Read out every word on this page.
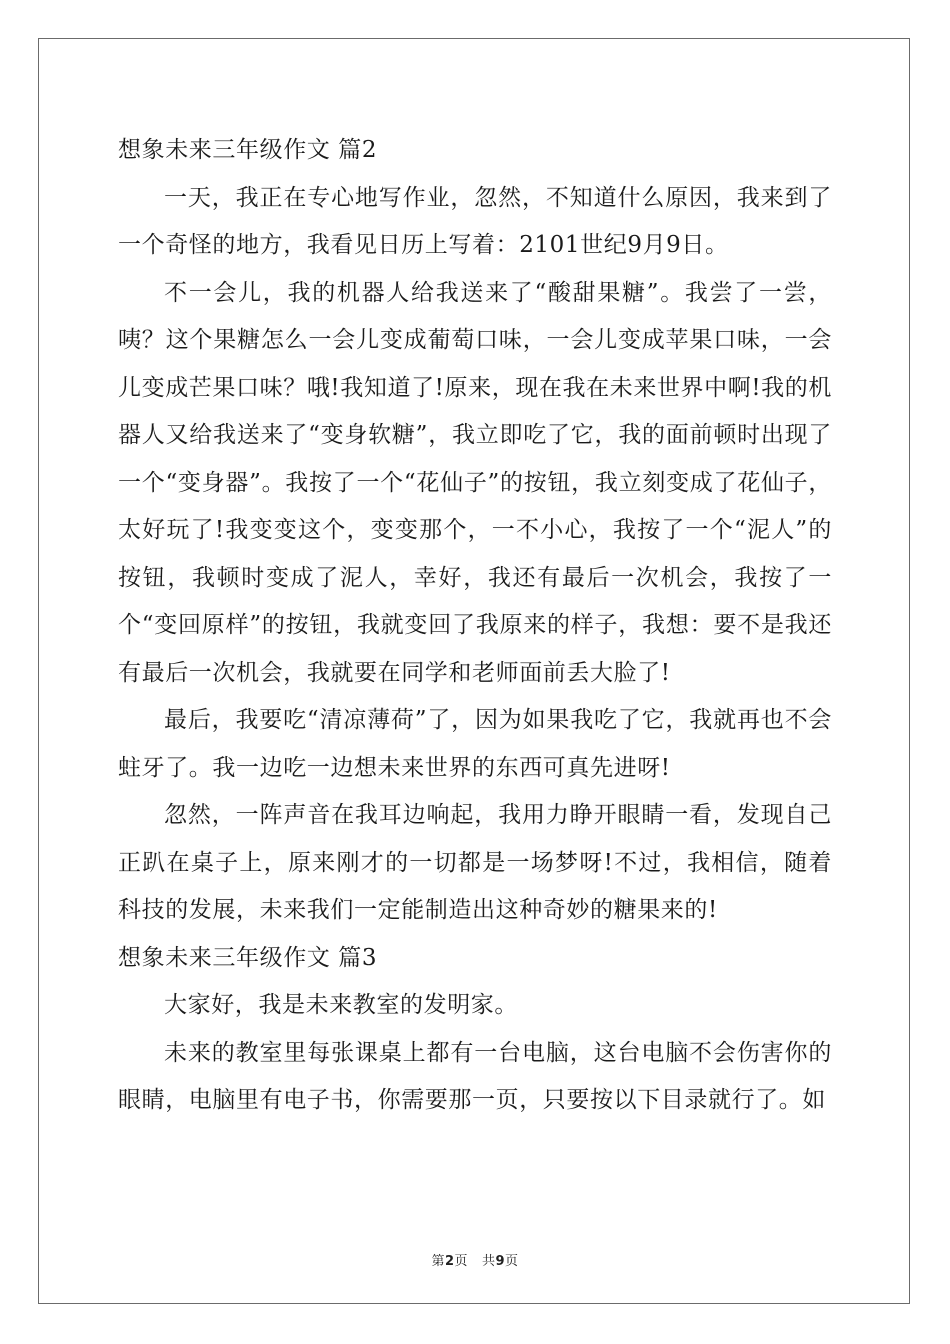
想象未来三年级作文 篇2

一天，我正在专心地写作业，忽然，不知道什么原因，我来到了一个奇怪的地方，我看见日历上写着：2101世纪9月9日。

不一会儿，我的机器人给我送来了“酸甜果糖”。我尝了一尝，咦？这个果糖怎么一会儿变成葡萄口味，一会儿变成苹果口味，一会儿变成芒果口味？哦!我知道了!原来，现在我在未来世界中啊!我的机器人又给我送来了“变身软糖”，我立即吃了它，我的面前顿时出现了一个“变身器”。我按了一个“花仙子”的按钮，我立刻变成了花仙子，太好玩了!我变变这个，变变那个，一不小心，我按了一个“泥人”的按钮，我顿时变成了泥人，幸好，我还有最后一次机会，我按了一个“变回原样”的按钮，我就变回了我原来的样子，我想：要不是我还有最后一次机会，我就要在同学和老师面前丢大脸了!

最后，我要吃“清凉薄荷”了，因为如果我吃了它，我就再也不会蛀牙了。我一边吃一边想未来世界的东西可真先进呀!

忽然，一阵声音在我耳边响起，我用力睁开眼睛一看，发现自己正趴在桌子上，原来刚才的一切都是一场梦呀!不过，我相信，随着科技的发展，未来我们一定能制造出这种奇妙的糖果来的!

想象未来三年级作文 篇3

大家好，我是未来教室的发明家。

未来的教室里每张课桌上都有一台电脑，这台电脑不会伤害你的眼睛，电脑里有电子书，你需要那一页，只要按以下目录就行了。如

第2页 共9页
